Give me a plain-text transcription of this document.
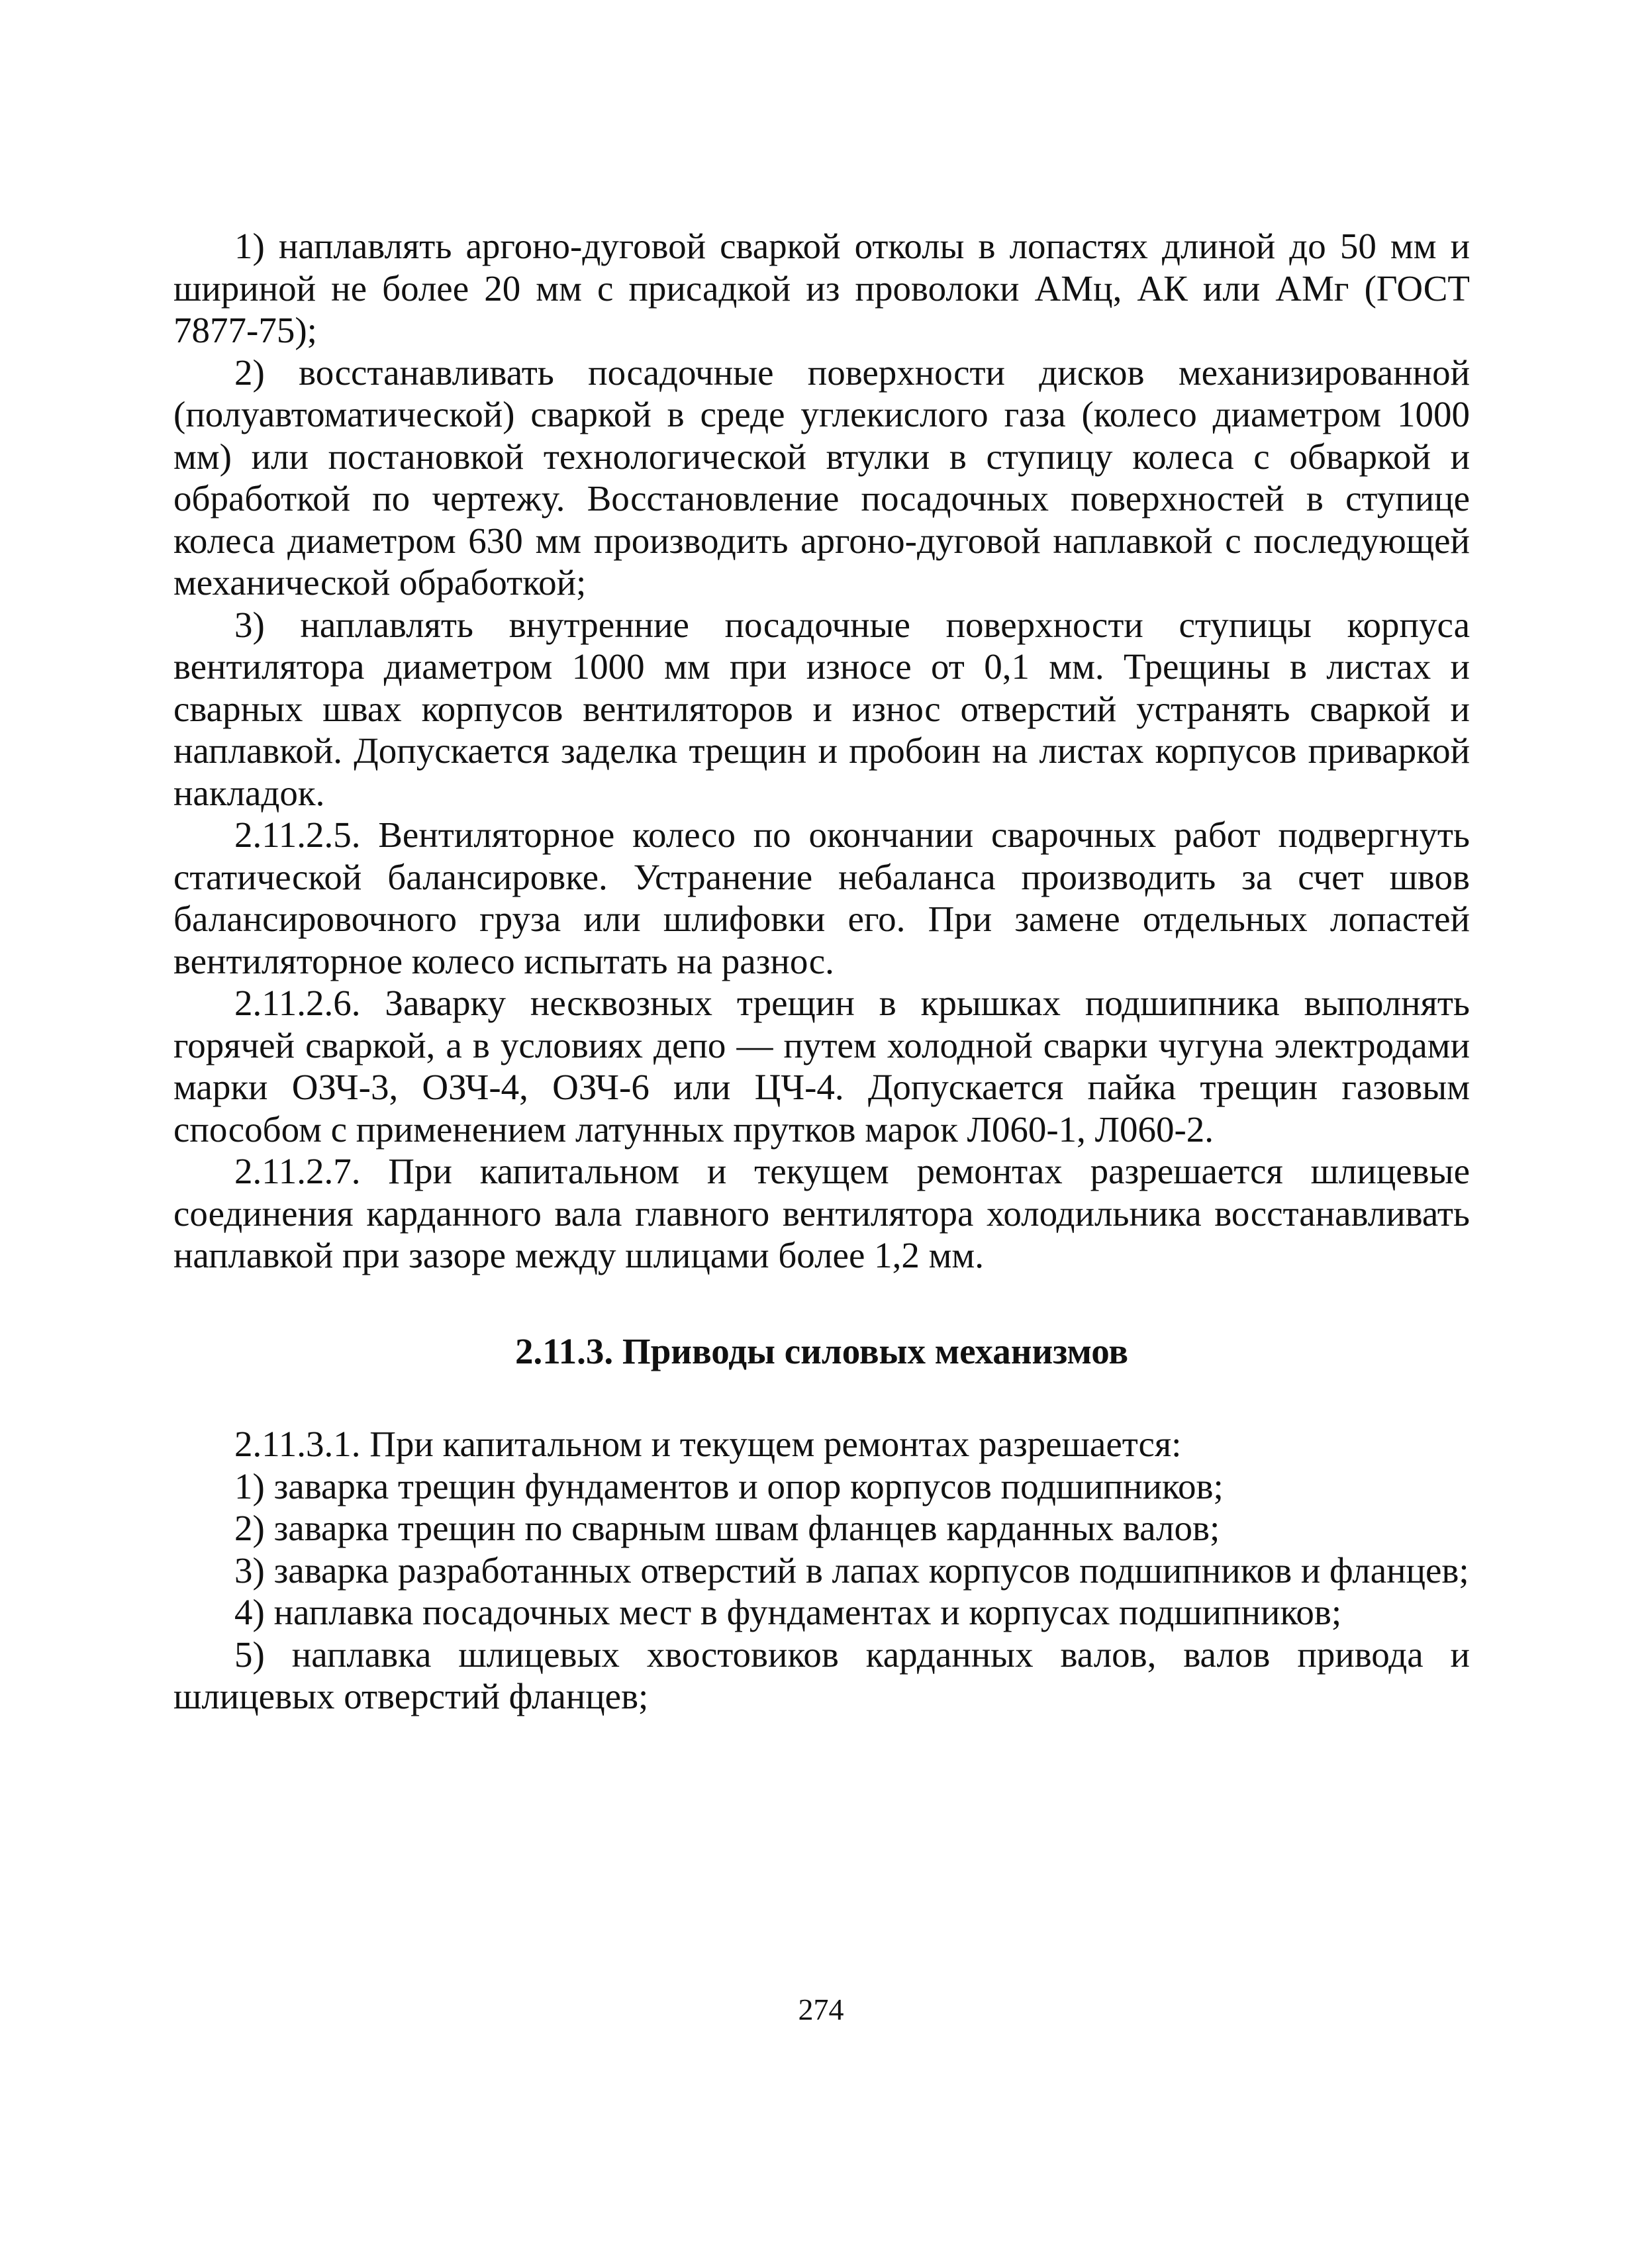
1) наплавлять аргоно-дуговой сваркой отколы в лопастях длиной до 50 мм и шириной не более 20 мм с присадкой из проволоки АМц, АК или АМг (ГОСТ 7877-75);

2) восстанавливать посадочные поверхности дисков механизированной (полуавтоматической) сваркой в среде углекислого газа (колесо диаметром 1000 мм) или постановкой технологической втулки в ступицу колеса с обваркой и обработкой по чертежу. Восстановление посадочных поверхностей в ступице колеса диаметром 630 мм производить аргоно-дуговой наплавкой с последующей механической обработкой;

3) наплавлять внутренние посадочные поверхности ступицы корпуса вентилятора диаметром 1000 мм при износе от 0,1 мм. Трещины в листах и сварных швах корпусов вентиляторов и износ отверстий устранять сваркой и наплавкой. Допускается заделка трещин и пробоин на листах корпусов приваркой накладок.

2.11.2.5. Вентиляторное колесо по окончании сварочных работ подвергнуть статической балансировке. Устранение небаланса производить за счет швов балансировочного груза или шлифовки его. При замене отдельных лопастей вентиляторное колесо испытать на разнос.

2.11.2.6. Заварку несквозных трещин в крышках подшипника выполнять горячей сваркой, а в условиях депо — путем холодной сварки чугуна электродами марки ОЗЧ-3, ОЗЧ-4, ОЗЧ-6 или ЦЧ-4. Допускается пайка трещин газовым способом с применением латунных прутков марок Л060-1, Л060-2.

2.11.2.7. При капитальном и текущем ремонтах разрешается шлицевые соединения карданного вала главного вентилятора холодильника восстанавливать наплавкой при зазоре между шлицами более 1,2 мм.

2.11.3. Приводы силовых механизмов

2.11.3.1. При капитальном и текущем ремонтах разрешается:

1) заварка трещин фундаментов и опор корпусов подшипников;

2) заварка трещин по сварным швам фланцев карданных валов;

3) заварка разработанных отверстий в лапах корпусов подшипников и фланцев;

4) наплавка посадочных мест в фундаментах и корпусах подшипников;

5) наплавка шлицевых хвостовиков карданных валов, валов привода и шлицевых отверстий фланцев;

274
